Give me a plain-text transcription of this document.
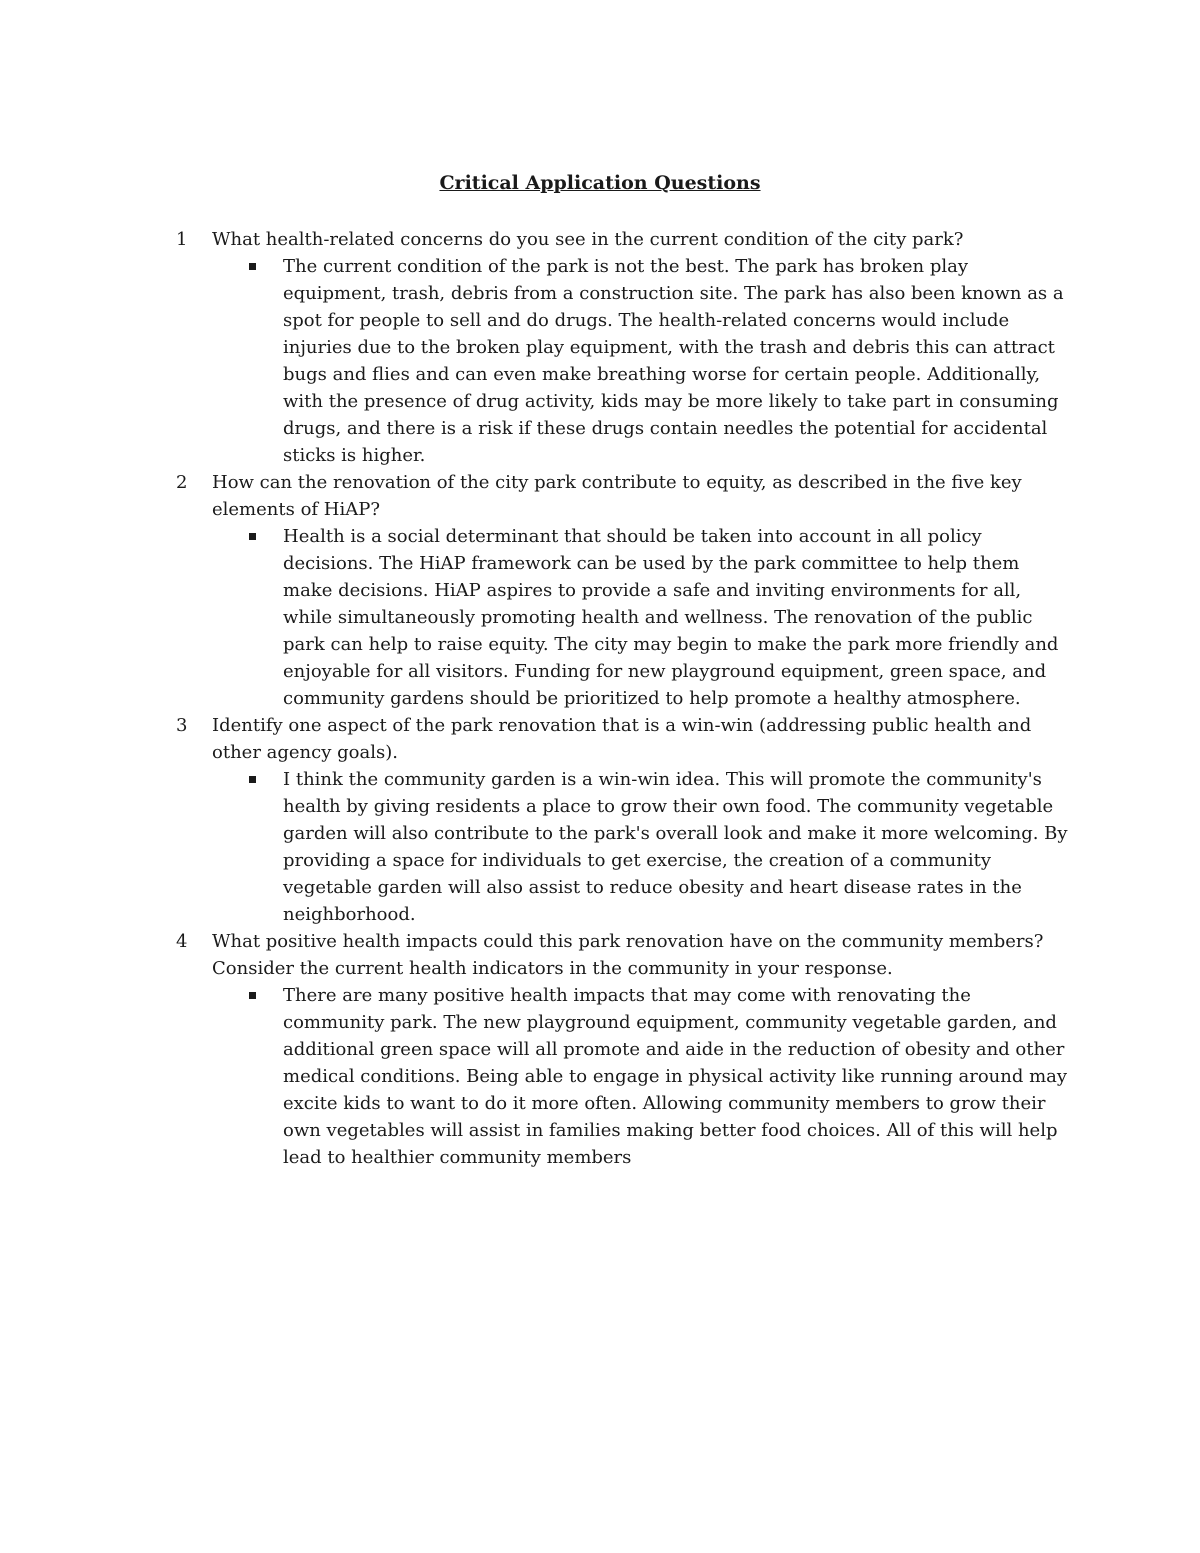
Critical Application Questions
1 What health-related concerns do you see in the current condition of the city park?
The current condition of the park is not the best. The park has broken play equipment, trash, debris from a construction site. The park has also been known as a spot for people to sell and do drugs. The health-related concerns would include injuries due to the broken play equipment, with the trash and debris this can attract bugs and flies and can even make breathing worse for certain people. Additionally, with the presence of drug activity, kids may be more likely to take part in consuming drugs, and there is a risk if these drugs contain needles the potential for accidental sticks is higher.
2 How can the renovation of the city park contribute to equity, as described in the five key elements of HiAP?
Health is a social determinant that should be taken into account in all policy decisions. The HiAP framework can be used by the park committee to help them make decisions. HiAP aspires to provide a safe and inviting environments for all, while simultaneously promoting health and wellness. The renovation of the public park can help to raise equity. The city may begin to make the park more friendly and enjoyable for all visitors. Funding for new playground equipment, green space, and community gardens should be prioritized to help promote a healthy atmosphere.
3 Identify one aspect of the park renovation that is a win-win (addressing public health and other agency goals).
I think the community garden is a win-win idea. This will promote the community's health by giving residents a place to grow their own food. The community vegetable garden will also contribute to the park's overall look and make it more welcoming. By providing a space for individuals to get exercise, the creation of a community vegetable garden will also assist to reduce obesity and heart disease rates in the neighborhood.
4 What positive health impacts could this park renovation have on the community members? Consider the current health indicators in the community in your response.
There are many positive health impacts that may come with renovating the community park. The new playground equipment, community vegetable garden, and additional green space will all promote and aide in the reduction of obesity and other medical conditions. Being able to engage in physical activity like running around may excite kids to want to do it more often. Allowing community members to grow their own vegetables will assist in families making better food choices. All of this will help lead to healthier community members
